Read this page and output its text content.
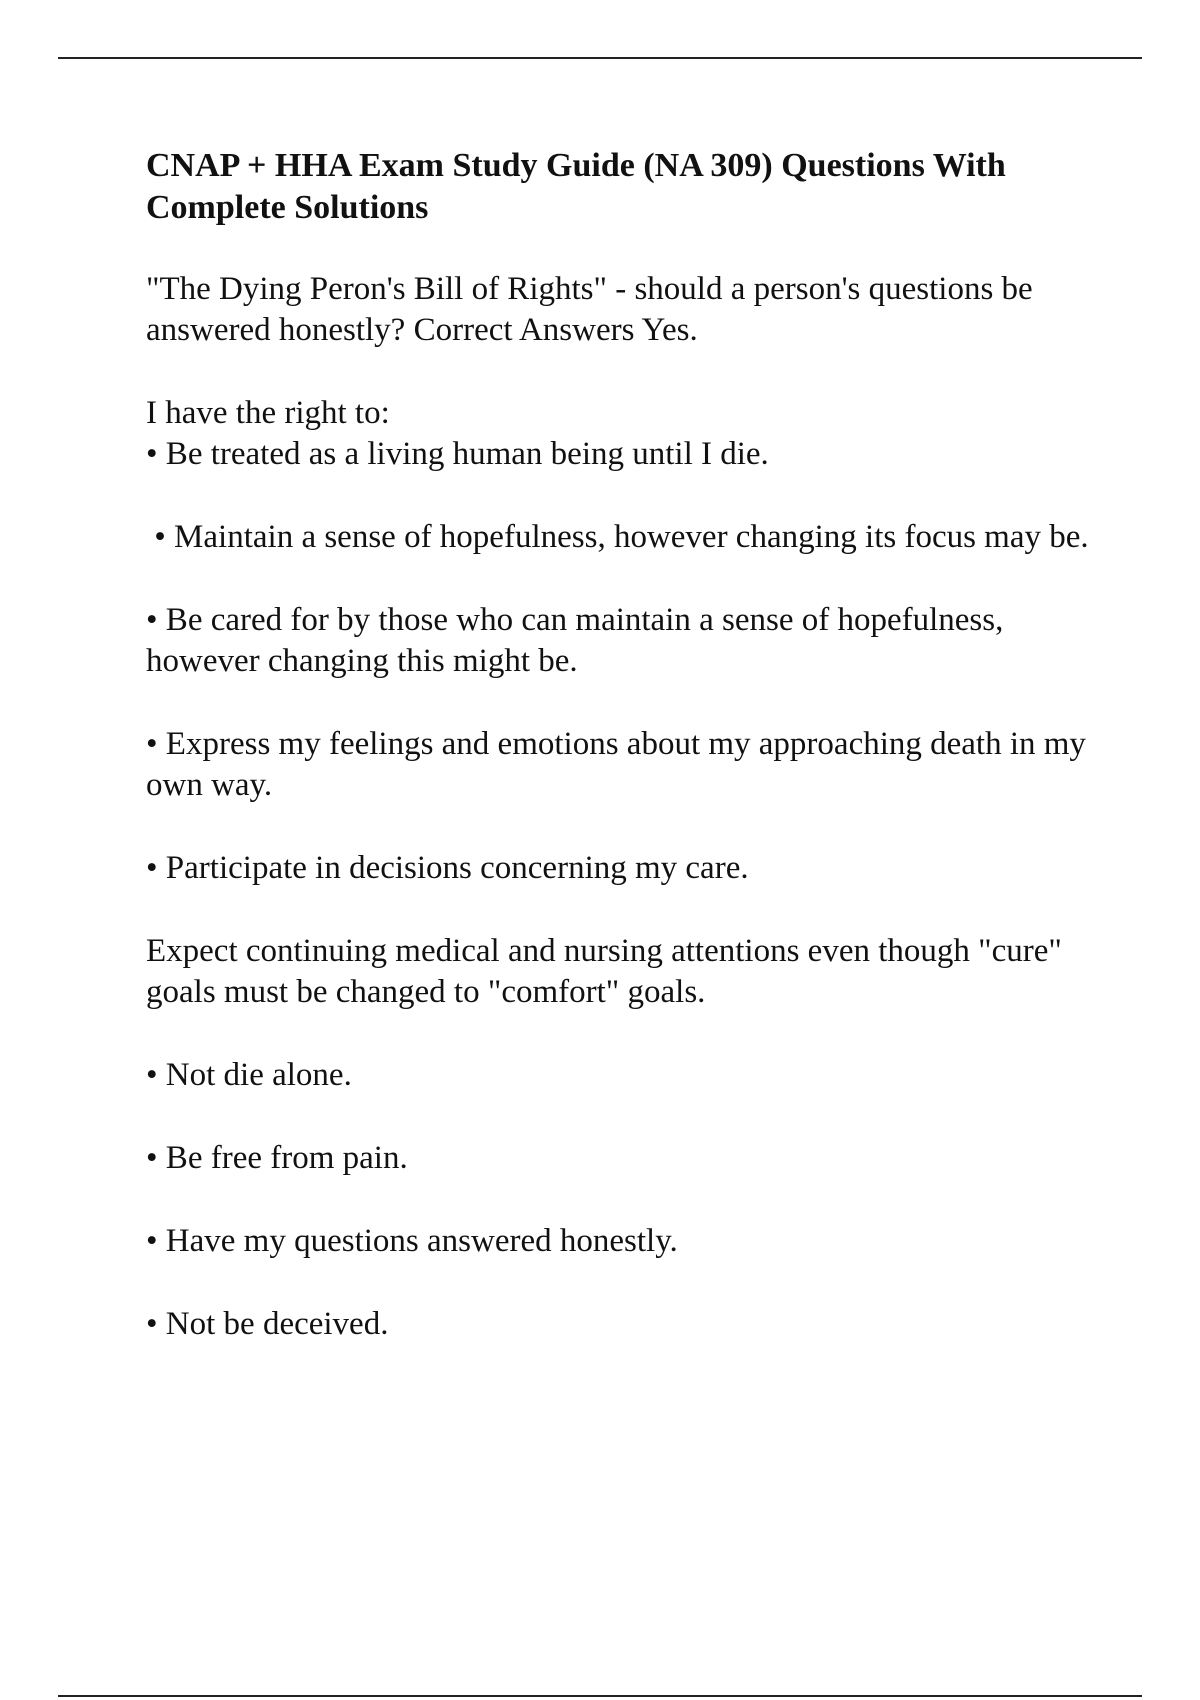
CNAP + HHA Exam Study Guide (NA 309) Questions With Complete Solutions

"The Dying Peron's Bill of Rights" - should a person's questions be answered honestly? Correct Answers Yes.

I have the right to:

• Be treated as a living human being until I die.

• Maintain a sense of hopefulness, however changing its focus may be.

• Be cared for by those who can maintain a sense of hopefulness, however changing this might be.

• Express my feelings and emotions about my approaching death in my own way.

• Participate in decisions concerning my care.

Expect continuing medical and nursing attentions even though "cure" goals must be changed to "comfort" goals.

• Not die alone.

• Be free from pain.

• Have my questions answered honestly.

• Not be deceived.
